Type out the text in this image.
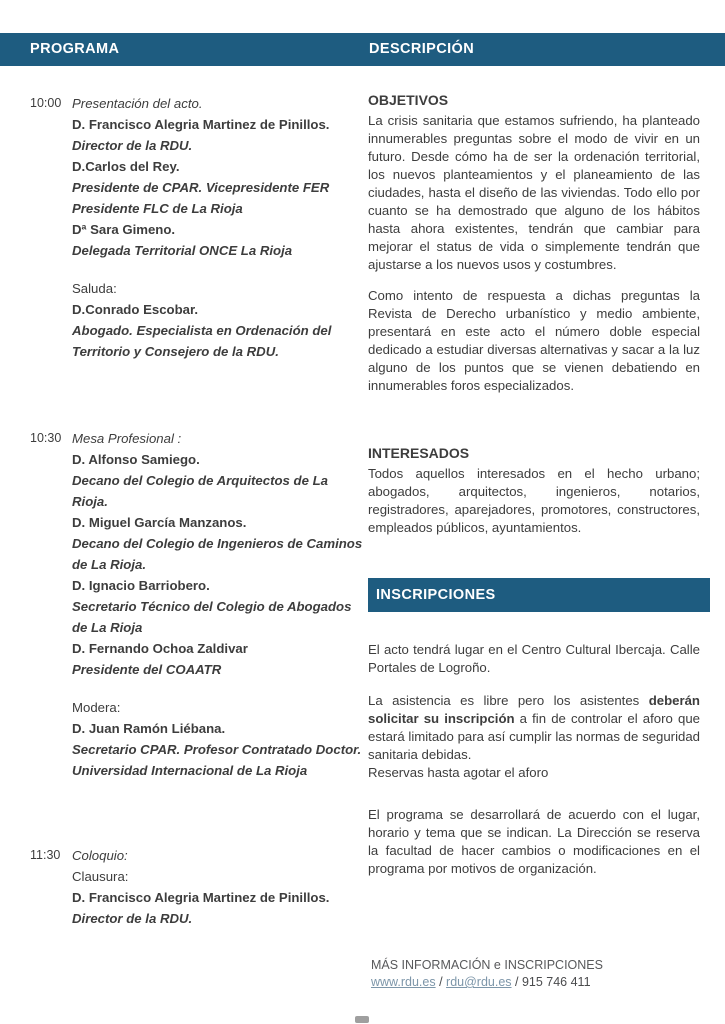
PROGRAMA	DESCRIPCIÓN
10:00 Presentación del acto.
D. Francisco Alegria Martinez de Pinillos.
Director de la RDU.
D.Carlos del Rey.
Presidente de CPAR. Vicepresidente FER
Presidente FLC de La Rioja
Dª Sara Gimeno.
Delegada Territorial ONCE La Rioja
Saluda:
D.Conrado Escobar.
Abogado. Especialista en Ordenación del Territorio y Consejero de la RDU.
10:30 Mesa Profesional :
D. Alfonso Samiego.
Decano del Colegio de Arquitectos de La Rioja.
D. Miguel García Manzanos.
Decano del Colegio de Ingenieros de Caminos de La Rioja.
D. Ignacio Barriobero.
Secretario Técnico del Colegio de Abogados de La Rioja
D. Fernando Ochoa Zaldivar
Presidente del COAATR
Modera:
D. Juan Ramón Liébana.
Secretario CPAR. Profesor Contratado Doctor. Universidad Internacional de La Rioja
11:30 Coloquio:
Clausura:
D. Francisco Alegria Martinez de Pinillos.
Director de la RDU.
OBJETIVOS

La crisis sanitaria que estamos sufriendo, ha planteado innumerables preguntas sobre el modo de vivir en un futuro. Desde cómo ha de ser la ordenación territorial, los nuevos planteamientos y el planeamiento de las ciudades, hasta el diseño de las viviendas. Todo ello por cuanto se ha demostrado que alguno de los hábitos hasta ahora existentes, tendrán que cambiar para mejorar el status de vida o simplemente tendrán que ajustarse a los nuevos usos y costumbres.

Como intento de respuesta a dichas preguntas la Revista de Derecho urbanístico y medio ambiente, presentará en este acto el número doble especial dedicado a estudiar diversas alternativas y sacar a la luz alguno de los puntos que se vienen debatiendo en innumerables foros especializados.

INTERESADOS

Todos aquellos interesados en el hecho urbano; abogados, arquitectos, ingenieros, notarios, registradores, aparejadores, promotores, constructores, empleados públicos, ayuntamientos.

INSCRIPCIONES

El acto tendrá lugar en el Centro Cultural Ibercaja. Calle Portales de Logroño.

La asistencia es libre pero los asistentes deberán solicitar su inscripción a fin de controlar el aforo que estará limitado para así cumplir las normas de seguridad sanitaria debidas.

Reservas hasta agotar el aforo

El programa se desarrollará de acuerdo con el lugar, horario y tema que se indican. La Dirección se reserva la facultad de hacer cambios o modificaciones en el programa por motivos de organización.

MÁS INFORMACIÓN e INSCRIPCIONES
www.rdu.es / rdu@rdu.es / 915 746 411
